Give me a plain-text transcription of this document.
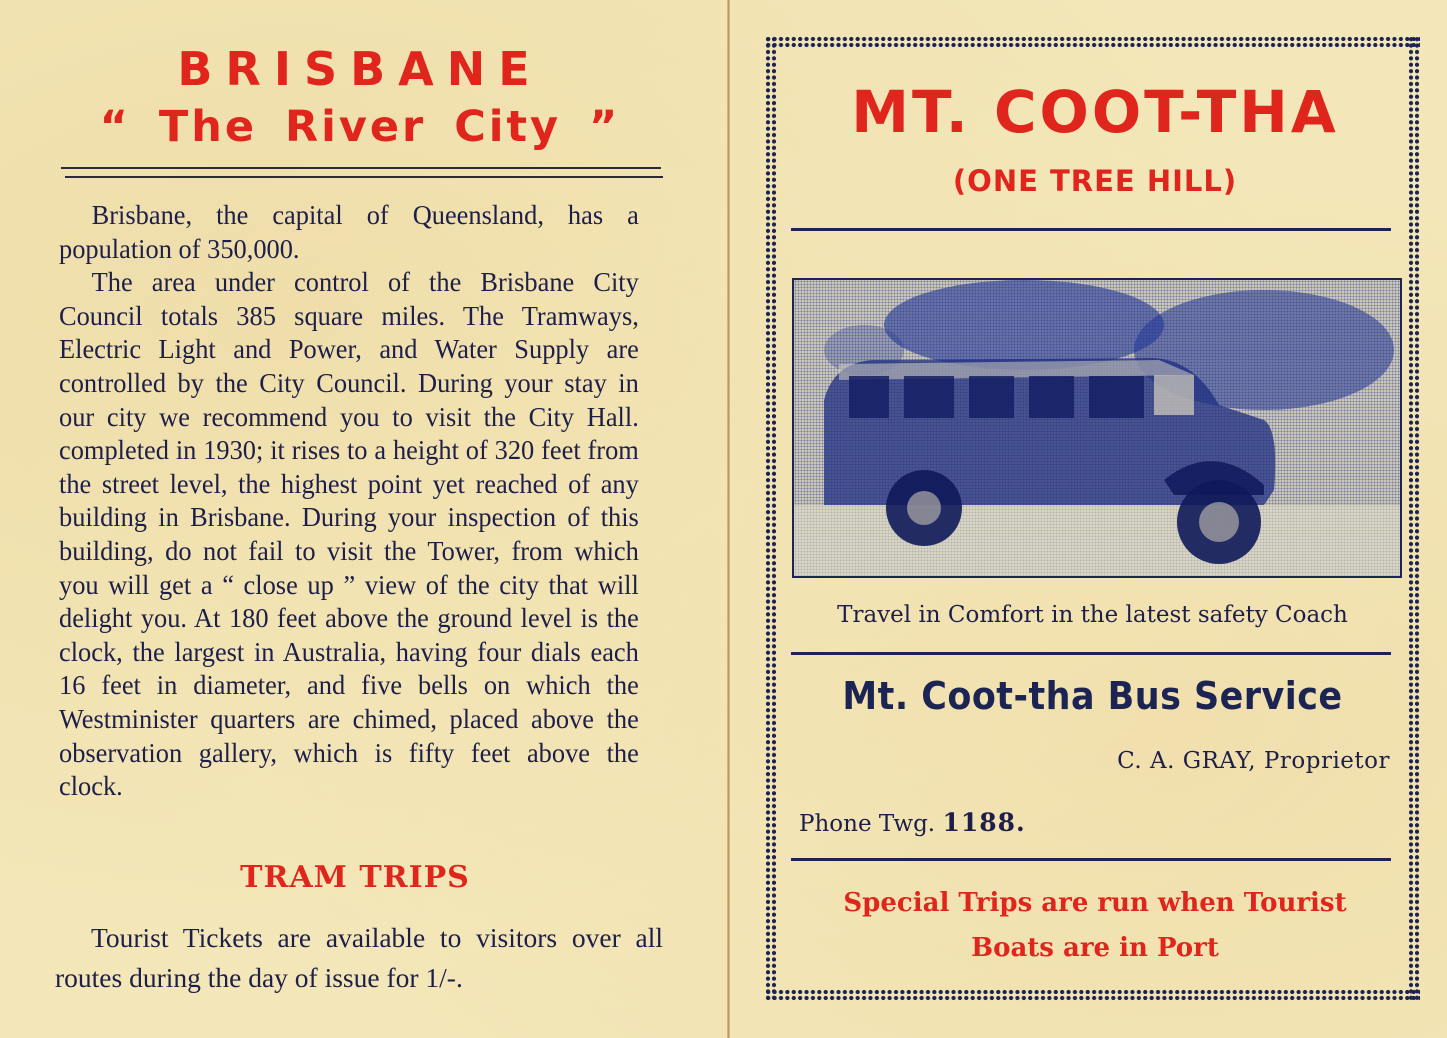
BRISBANE
“ The River City ”

Brisbane, the capital of Queensland, has a population of 350,000.

The area under control of the Brisbane City Council totals 385 square miles. The Tramways, Electric Light and Power, and Water Supply are controlled by the City Council. During your stay in our city we recommend you to visit the City Hall. completed in 1930; it rises to a height of 320 feet from the street level, the highest point yet reached of any building in Brisbane. During your inspection of this building, do not fail to visit the Tower, from which you will get a “ close up ” view of the city that will delight you. At 180 feet above the ground level is the clock, the largest in Australia, having four dials each 16 feet in diameter, and five bells on which the Westminister quarters are chimed, placed above the observation gallery, which is fifty feet above the clock.

TRAM TRIPS

Tourist Tickets are available to visitors over all routes during the day of issue for 1/-.

MT. COOT-THA
(ONE TREE HILL)
Travel in Comfort in the latest safety Coach
Mt. Coot-tha Bus Service
C. A. GRAY, Proprietor
Phone Twg. 1188.
Special Trips are run when Tourist
Boats are in Port
